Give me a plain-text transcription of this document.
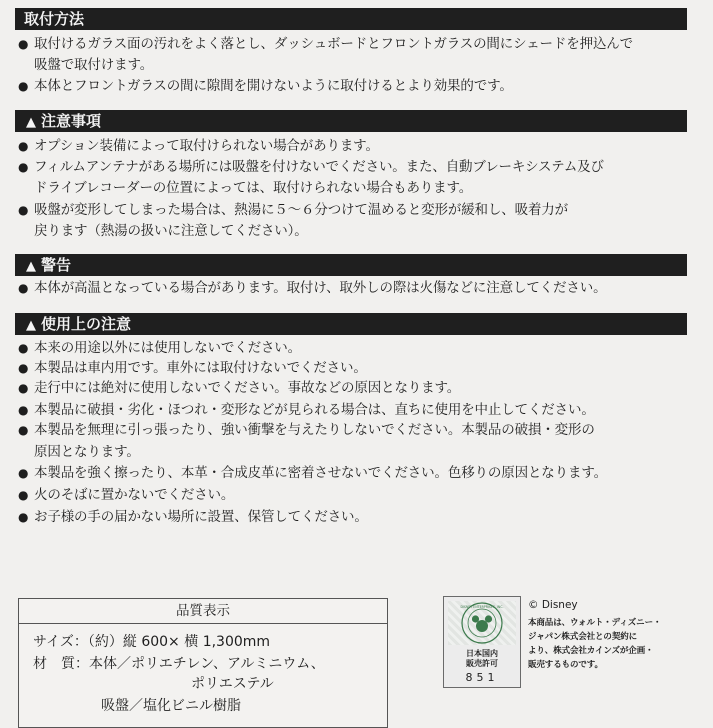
取付方法
● 取付けるガラス面の汚れをよく落とし、ダッシュボードとフロントガラスの間にシェードを押込んで
吸盤で取付けます。
● 本体とフロントガラスの間に隙間を開けないように取付けるとより効果的です。
▲ 注意事項
● オプション装備によって取付けられない場合があります。
● フィルムアンテナがある場所には吸盤を付けないでください。また、自動ブレーキシステム及び
ドライブレコーダーの位置によっては、取付けられない場合もあります。
● 吸盤が変形してしまった場合は、熱湯に５～６分つけて温めると変形が緩和し、吸着力が
戻ります（熱湯の扱いに注意してください）。
▲ 警告
● 本体が高温となっている場合があります。取付け、取外しの際は火傷などに注意してください。
▲ 使用上の注意
● 本来の用途以外には使用しないでください。
● 本製品は車内用です。車外には取付けないでください。
● 走行中には絶対に使用しないでください。事故などの原因となります。
● 本製品に破損・劣化・ほつれ・変形などが見られる場合は、直ちに使用を中止してください。
● 本製品を無理に引っ張ったり、強い衝撃を与えたりしないでください。本製品の破損・変形の
原因となります。
● 本製品を強く擦ったり、本革・合成皮革に密着させないでください。色移りの原因となります。
● 火のそばに置かないでください。
● お子様の手の届かない場所に設置、保管してください。
品質表示
サイズ：（約）縦 600× 横 1,300mm
材　質：本体／ポリエチレン、アルミニウム、
ポリエステル
吸盤／塩化ビニル樹脂
DISNEY ENTERPRISES, INC.
日本国内
販売許可
851
© Disney
本商品は、ウォルト・ディズニー・
ジャパン株式会社との契約に
より、株式会社カインズが企画・
販売するものです。
